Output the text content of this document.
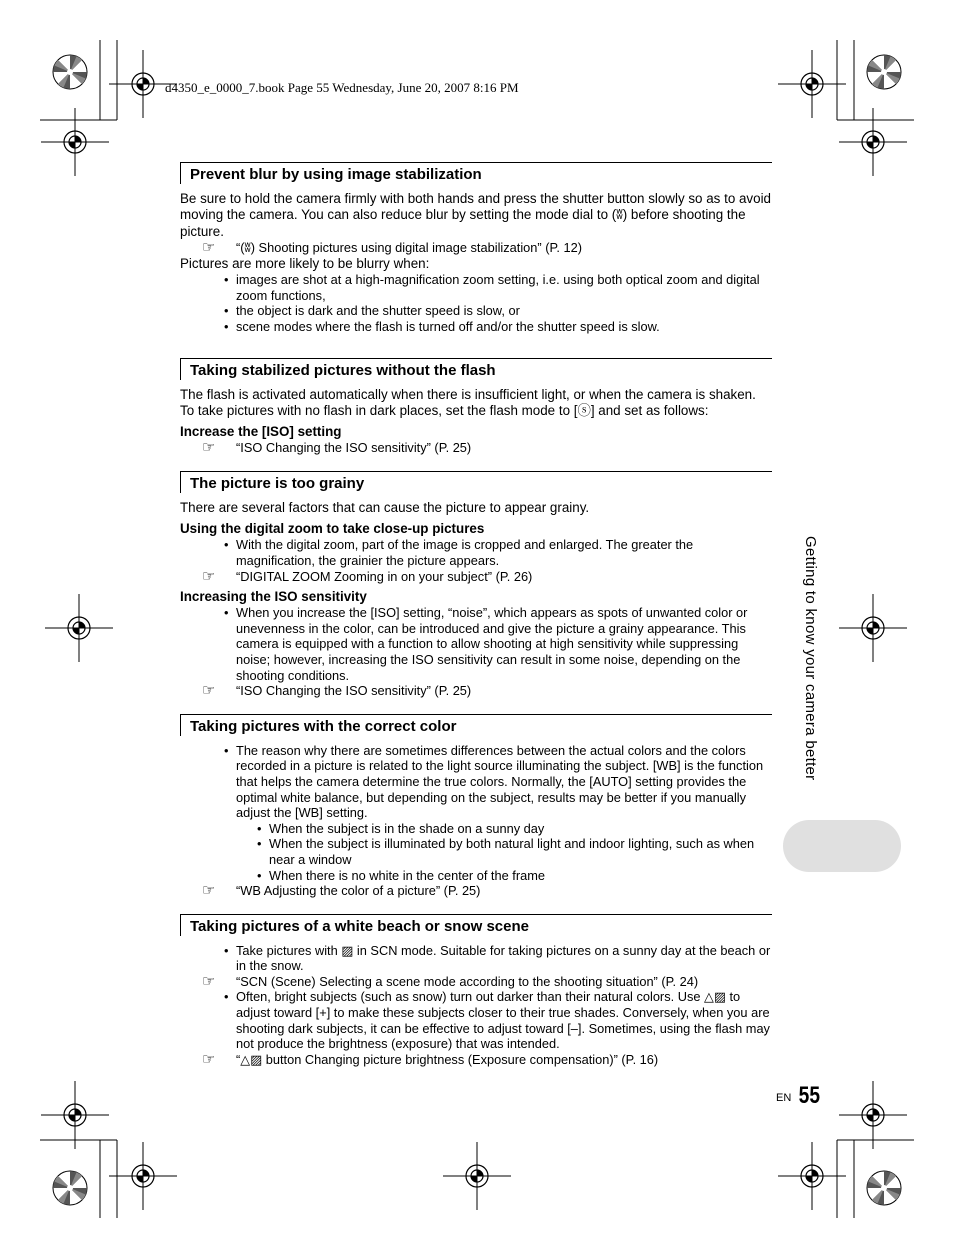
d4350_e_0000_7.book Page 55 Wednesday, June 20, 2007 8:16 PM
Prevent blur by using image stabilization

Be sure to hold the camera firmly with both hands and press the shutter button slowly so as to avoid moving the camera. You can also reduce blur by setting the mode dial to (ʬ) before shooting the picture.

☞ “(ʬ) Shooting pictures using digital image stabilization” (P. 12)

Pictures are more likely to be blurry when:

• images are shot at a high-magnification zoom setting, i.e. using both optical zoom and digital zoom functions,
• the object is dark and the shutter speed is slow, or
• scene modes where the flash is turned off and/or the shutter speed is slow.
Taking stabilized pictures without the flash

The flash is activated automatically when there is insufficient light, or when the camera is shaken. To take pictures with no flash in dark places, set the flash mode to [ⓢ] and set as follows:

Increase the [ISO] setting
☞ “ISO Changing the ISO sensitivity” (P. 25)
The picture is too grainy

There are several factors that can cause the picture to appear grainy.

Using the digital zoom to take close-up pictures
• With the digital zoom, part of the image is cropped and enlarged. The greater the magnification, the grainier the picture appears.
☞ “DIGITAL ZOOM Zooming in on your subject” (P. 26)
Increasing the ISO sensitivity
• When you increase the [ISO] setting, “noise”, which appears as spots of unwanted color or unevenness in the color, can be introduced and give the picture a grainy appearance. This camera is equipped with a function to allow shooting at high sensitivity while suppressing noise; however, increasing the ISO sensitivity can result in some noise, depending on the shooting conditions.
☞ “ISO Changing the ISO sensitivity” (P. 25)
Taking pictures with the correct color
• The reason why there are sometimes differences between the actual colors and the colors recorded in a picture is related to the light source illuminating the subject. [WB] is the function that helps the camera determine the true colors. Normally, the [AUTO] setting provides the optimal white balance, but depending on the subject, results may be better if you manually adjust the [WB] setting.
• When the subject is in the shade on a sunny day
• When the subject is illuminated by both natural light and indoor lighting, such as when near a window
• When there is no white in the center of the frame
☞ “WB Adjusting the color of a picture” (P. 25)
Taking pictures of a white beach or snow scene
• Take pictures with ▨ in SCN mode. Suitable for taking pictures on a sunny day at the beach or in the snow.
☞ “SCN (Scene) Selecting a scene mode according to the shooting situation” (P. 24)
• Often, bright subjects (such as snow) turn out darker than their natural colors. Use △▨ to adjust toward [+] to make these subjects closer to their true shades. Conversely, when you are shooting dark subjects, it can be effective to adjust toward [–]. Sometimes, using the flash may not produce the brightness (exposure) that was intended.
☞ “△▨ button Changing picture brightness (Exposure compensation)” (P. 16)
Getting to know your camera better
EN 55
